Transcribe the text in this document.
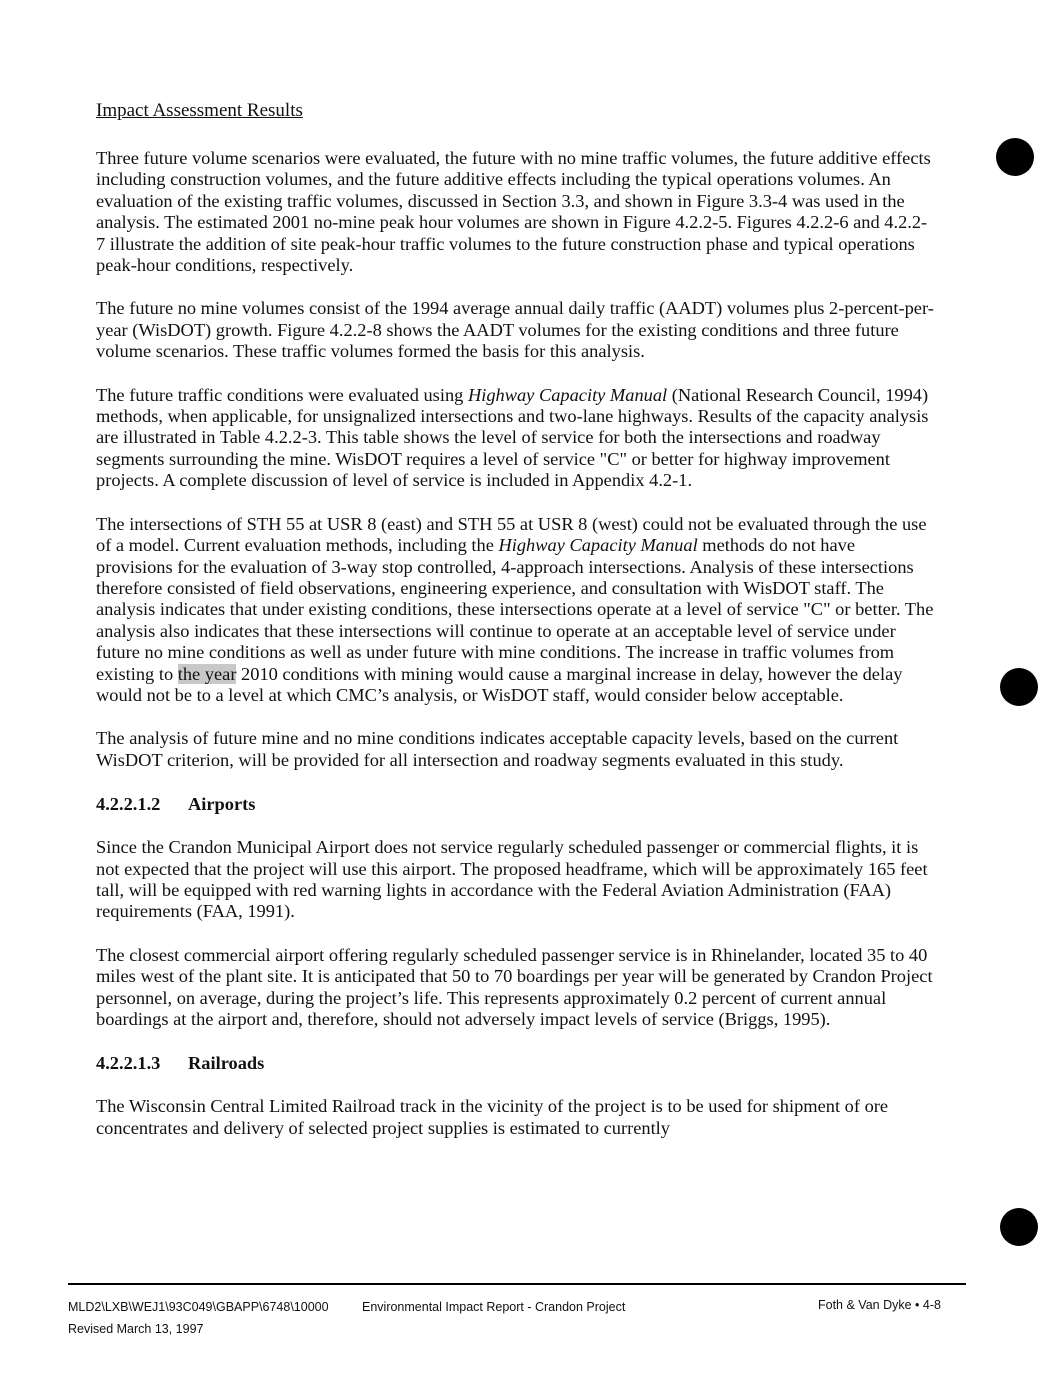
Impact Assessment Results

Three future volume scenarios were evaluated, the future with no mine traffic volumes, the future additive effects including construction volumes, and the future additive effects including the typical operations volumes. An evaluation of the existing traffic volumes, discussed in Section 3.3, and shown in Figure 3.3-4 was used in the analysis. The estimated 2001 no-mine peak hour volumes are shown in Figure 4.2.2-5. Figures 4.2.2-6 and 4.2.2-7 illustrate the addition of site peak-hour traffic volumes to the future construction phase and typical operations peak-hour conditions, respectively.

The future no mine volumes consist of the 1994 average annual daily traffic (AADT) volumes plus 2-percent-per-year (WisDOT) growth. Figure 4.2.2-8 shows the AADT volumes for the existing conditions and three future volume scenarios. These traffic volumes formed the basis for this analysis.

The future traffic conditions were evaluated using Highway Capacity Manual (National Research Council, 1994) methods, when applicable, for unsignalized intersections and two-lane highways. Results of the capacity analysis are illustrated in Table 4.2.2-3. This table shows the level of service for both the intersections and roadway segments surrounding the mine. WisDOT requires a level of service "C" or better for highway improvement projects. A complete discussion of level of service is included in Appendix 4.2-1.

The intersections of STH 55 at USR 8 (east) and STH 55 at USR 8 (west) could not be evaluated through the use of a model. Current evaluation methods, including the Highway Capacity Manual methods do not have provisions for the evaluation of 3-way stop controlled, 4-approach intersections. Analysis of these intersections therefore consisted of field observations, engineering experience, and consultation with WisDOT staff. The analysis indicates that under existing conditions, these intersections operate at a level of service "C" or better. The analysis also indicates that these intersections will continue to operate at an acceptable level of service under future no mine conditions as well as under future with mine conditions. The increase in traffic volumes from existing to the year 2010 conditions with mining would cause a marginal increase in delay, however the delay would not be to a level at which CMC’s analysis, or WisDOT staff, would consider below acceptable.

The analysis of future mine and no mine conditions indicates acceptable capacity levels, based on the current WisDOT criterion, will be provided for all intersection and roadway segments evaluated in this study.

4.2.2.1.2 Airports

Since the Crandon Municipal Airport does not service regularly scheduled passenger or commercial flights, it is not expected that the project will use this airport. The proposed headframe, which will be approximately 165 feet tall, will be equipped with red warning lights in accordance with the Federal Aviation Administration (FAA) requirements (FAA, 1991).

The closest commercial airport offering regularly scheduled passenger service is in Rhinelander, located 35 to 40 miles west of the plant site. It is anticipated that 50 to 70 boardings per year will be generated by Crandon Project personnel, on average, during the project’s life. This represents approximately 0.2 percent of current annual boardings at the airport and, therefore, should not adversely impact levels of service (Briggs, 1995).

4.2.2.1.3 Railroads

The Wisconsin Central Limited Railroad track in the vicinity of the project is to be used for shipment of ore concentrates and delivery of selected project supplies is estimated to currently

MLD2\LXB\WEJ1\93C049\GBAPP\6748\10000	Environmental Impact Report - Crandon Project
Revised March 13, 1997
Foth & Van Dyke • 4-8
